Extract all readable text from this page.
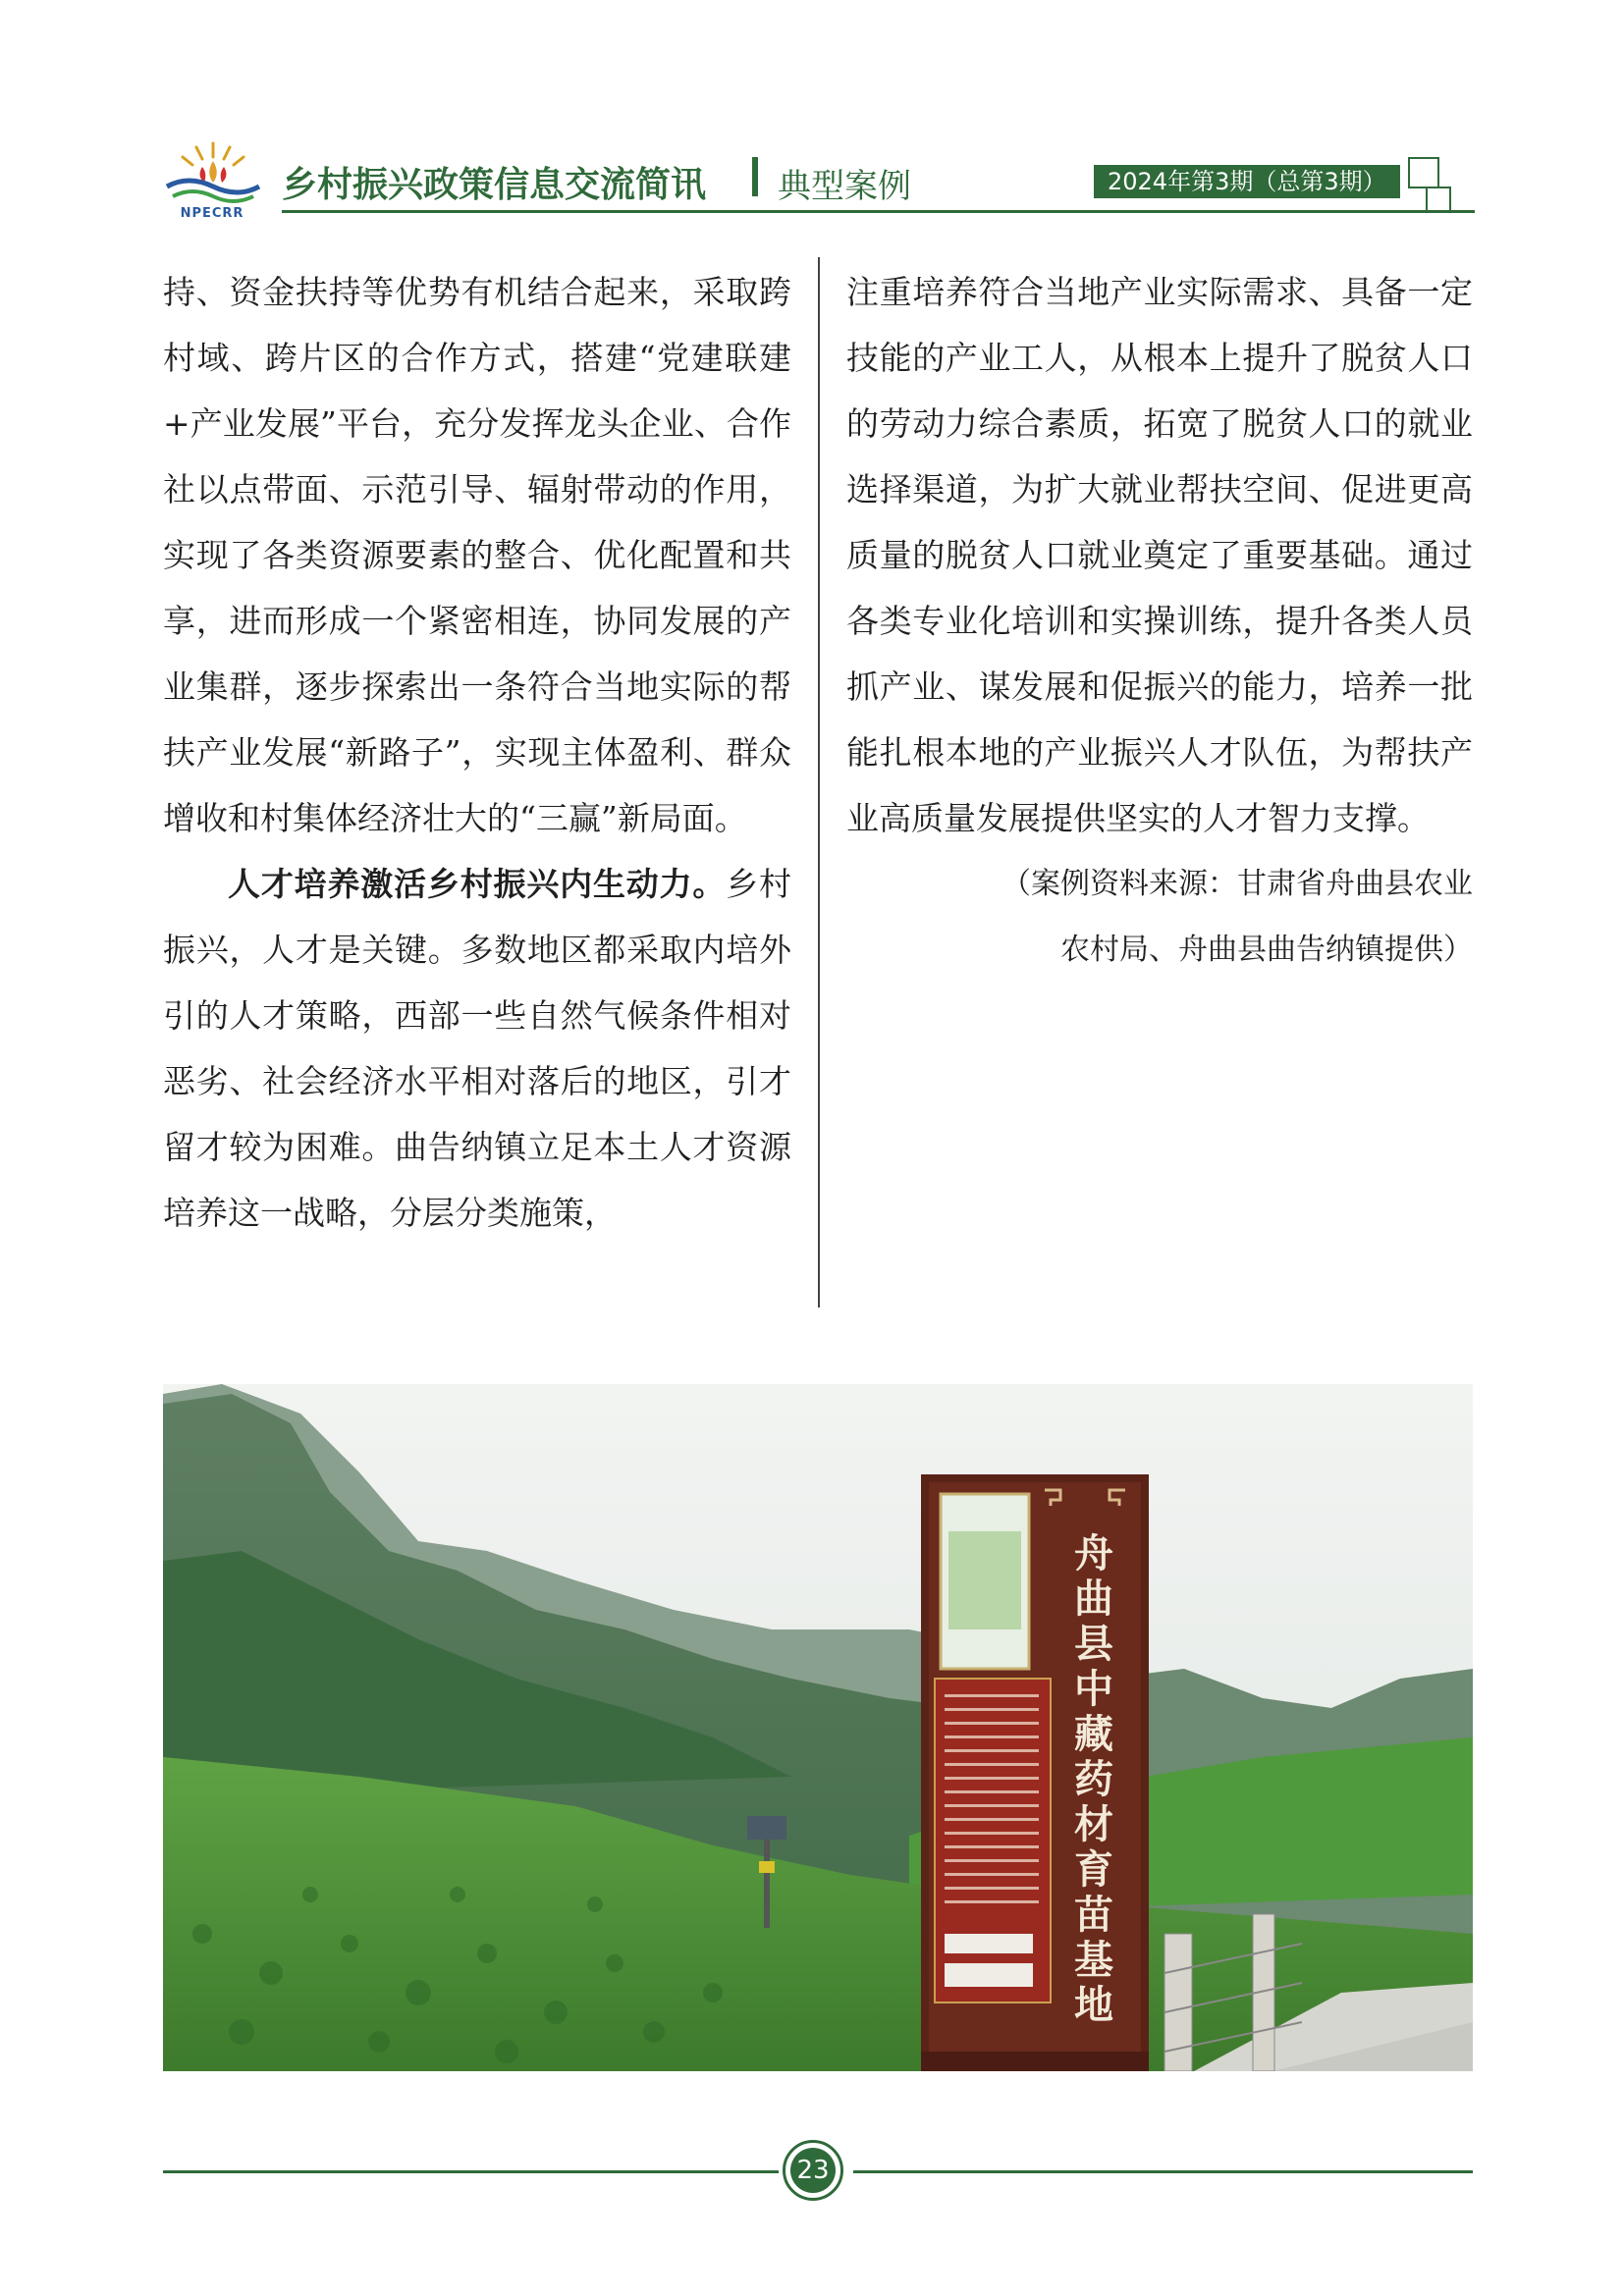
NPECRR
乡村振兴政策信息交流简讯 典型案例	2024年第3期（总第3期）

持、资金扶持等优势有机结合起来，采取跨村域、跨片区的合作方式，搭建“党建联建+产业发展”平台，充分发挥龙头企业、合作社以点带面、示范引导、辐射带动的作用，实现了各类资源要素的整合、优化配置和共享，进而形成一个紧密相连，协同发展的产业集群，逐步探索出一条符合当地实际的帮扶产业发展“新路子”，实现主体盈利、群众增收和村集体经济壮大的“三赢”新局面。

人才培养激活乡村振兴内生动力。乡村振兴，人才是关键。多数地区都采取内培外引的人才策略，西部一些自然气候条件相对恶劣、社会经济水平相对落后的地区，引才留才较为困难。曲告纳镇立足本土人才资源培养这一战略，分层分类施策，

注重培养符合当地产业实际需求、具备一定技能的产业工人，从根本上提升了脱贫人口的劳动力综合素质，拓宽了脱贫人口的就业选择渠道，为扩大就业帮扶空间、促进更高质量的脱贫人口就业奠定了重要基础。通过各类专业化培训和实操训练，提升各类人员抓产业、谋发展和促振兴的能力，培养一批能扎根本地的产业振兴人才队伍，为帮扶产业高质量发展提供坚实的人才智力支撑。

（案例资料来源：甘肃省舟曲县农业
农村局、舟曲县曲告纳镇提供）
舟曲县中藏药材育苗基地
23
